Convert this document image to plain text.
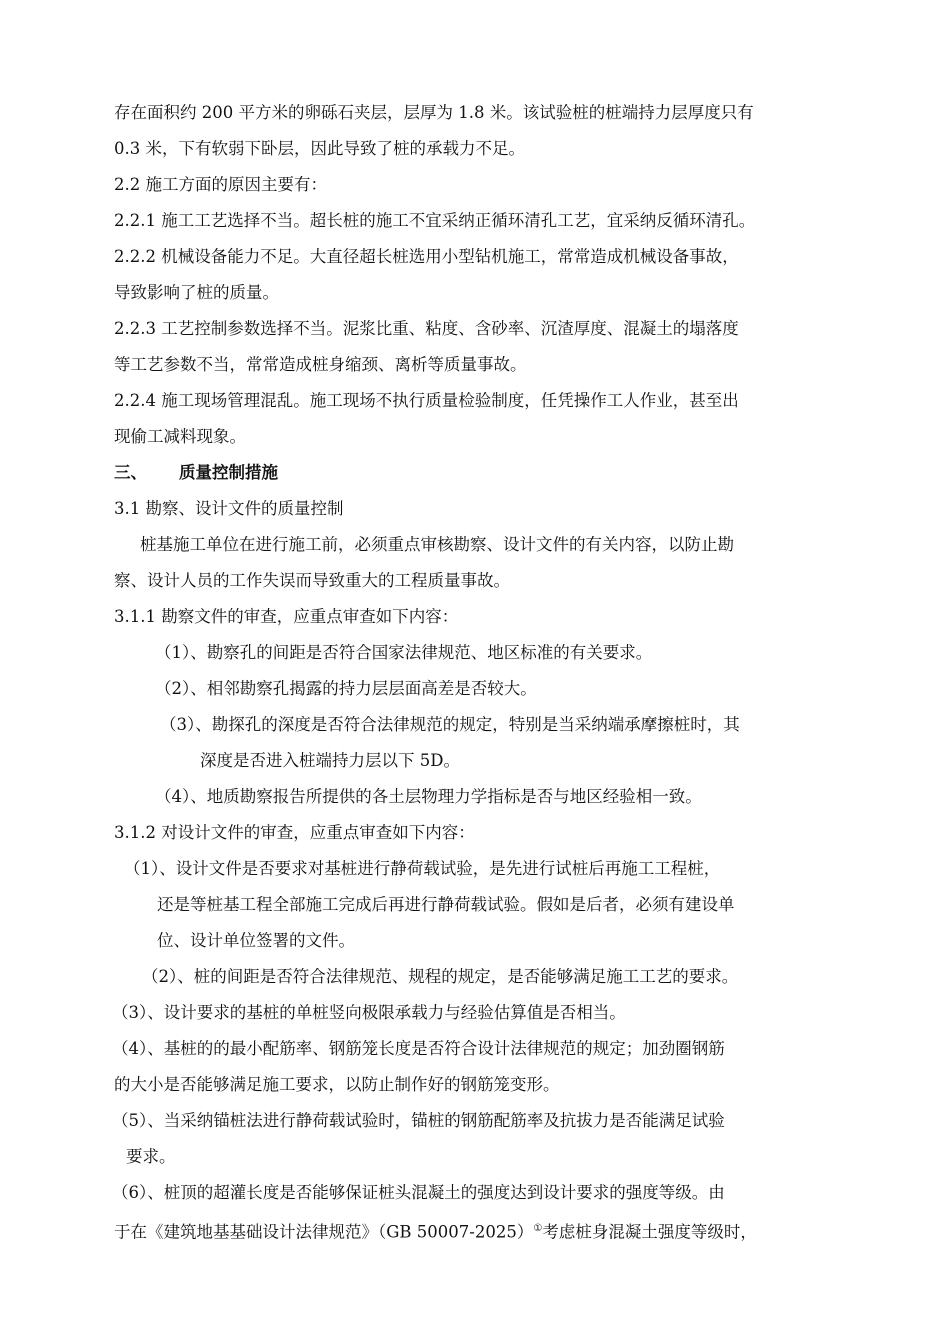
存在面积约 200 平方米的卵砾石夹层，层厚为 1.8 米。该试验桩的桩端持力层厚度只有
0.3 米，下有软弱下卧层，因此导致了桩的承载力不足。
2.2 施工方面的原因主要有：
2.2.1 施工工艺选择不当。超长桩的施工不宜采纳正循环清孔工艺，宜采纳反循环清孔。
2.2.2 机械设备能力不足。大直径超长桩选用小型钻机施工，常常造成机械设备事故，
导致影响了桩的质量。
2.2.3 工艺控制参数选择不当。泥浆比重、粘度、含砂率、沉渣厚度、混凝土的塌落度
等工艺参数不当，常常造成桩身缩颈、离析等质量事故。
2.2.4 施工现场管理混乱。施工现场不执行质量检验制度，任凭操作工人作业，甚至出
现偷工减料现象。
三、 质量控制措施
3.1 勘察、设计文件的质量控制
桩基施工单位在进行施工前，必须重点审核勘察、设计文件的有关内容，以防止勘
察、设计人员的工作失误而导致重大的工程质量事故。
3.1.1 勘察文件的审查，应重点审查如下内容：
（1）、勘察孔的间距是否符合国家法律规范、地区标准的有关要求。
（2）、相邻勘察孔揭露的持力层层面高差是否较大。
（3）、勘探孔的深度是否符合法律规范的规定，特别是当采纳端承摩擦桩时，其
深度是否进入桩端持力层以下 5D。
（4）、地质勘察报告所提供的各土层物理力学指标是否与地区经验相一致。
3.1.2 对设计文件的审查，应重点审查如下内容：
（1）、设计文件是否要求对基桩进行静荷载试验，是先进行试桩后再施工工程桩，
还是等桩基工程全部施工完成后再进行静荷载试验。假如是后者，必须有建设单
位、设计单位签署的文件。
（2）、桩的间距是否符合法律规范、规程的规定，是否能够满足施工工艺的要求。
（3）、设计要求的基桩的单桩竖向极限承载力与经验估算值是否相当。
（4）、基桩的的最小配筋率、钢筋笼长度是否符合设计法律规范的规定；加劲圈钢筋
的大小是否能够满足施工要求，以防止制作好的钢筋笼变形。
（5）、当采纳锚桩法进行静荷载试验时，锚桩的钢筋配筋率及抗拔力是否能满足试验
要求。
（6）、桩顶的超灌长度是否能够保证桩头混凝土的强度达到设计要求的强度等级。由
于在《建筑地基基础设计法律规范》（GB 50007-2025）①考虑桩身混凝土强度等级时，
